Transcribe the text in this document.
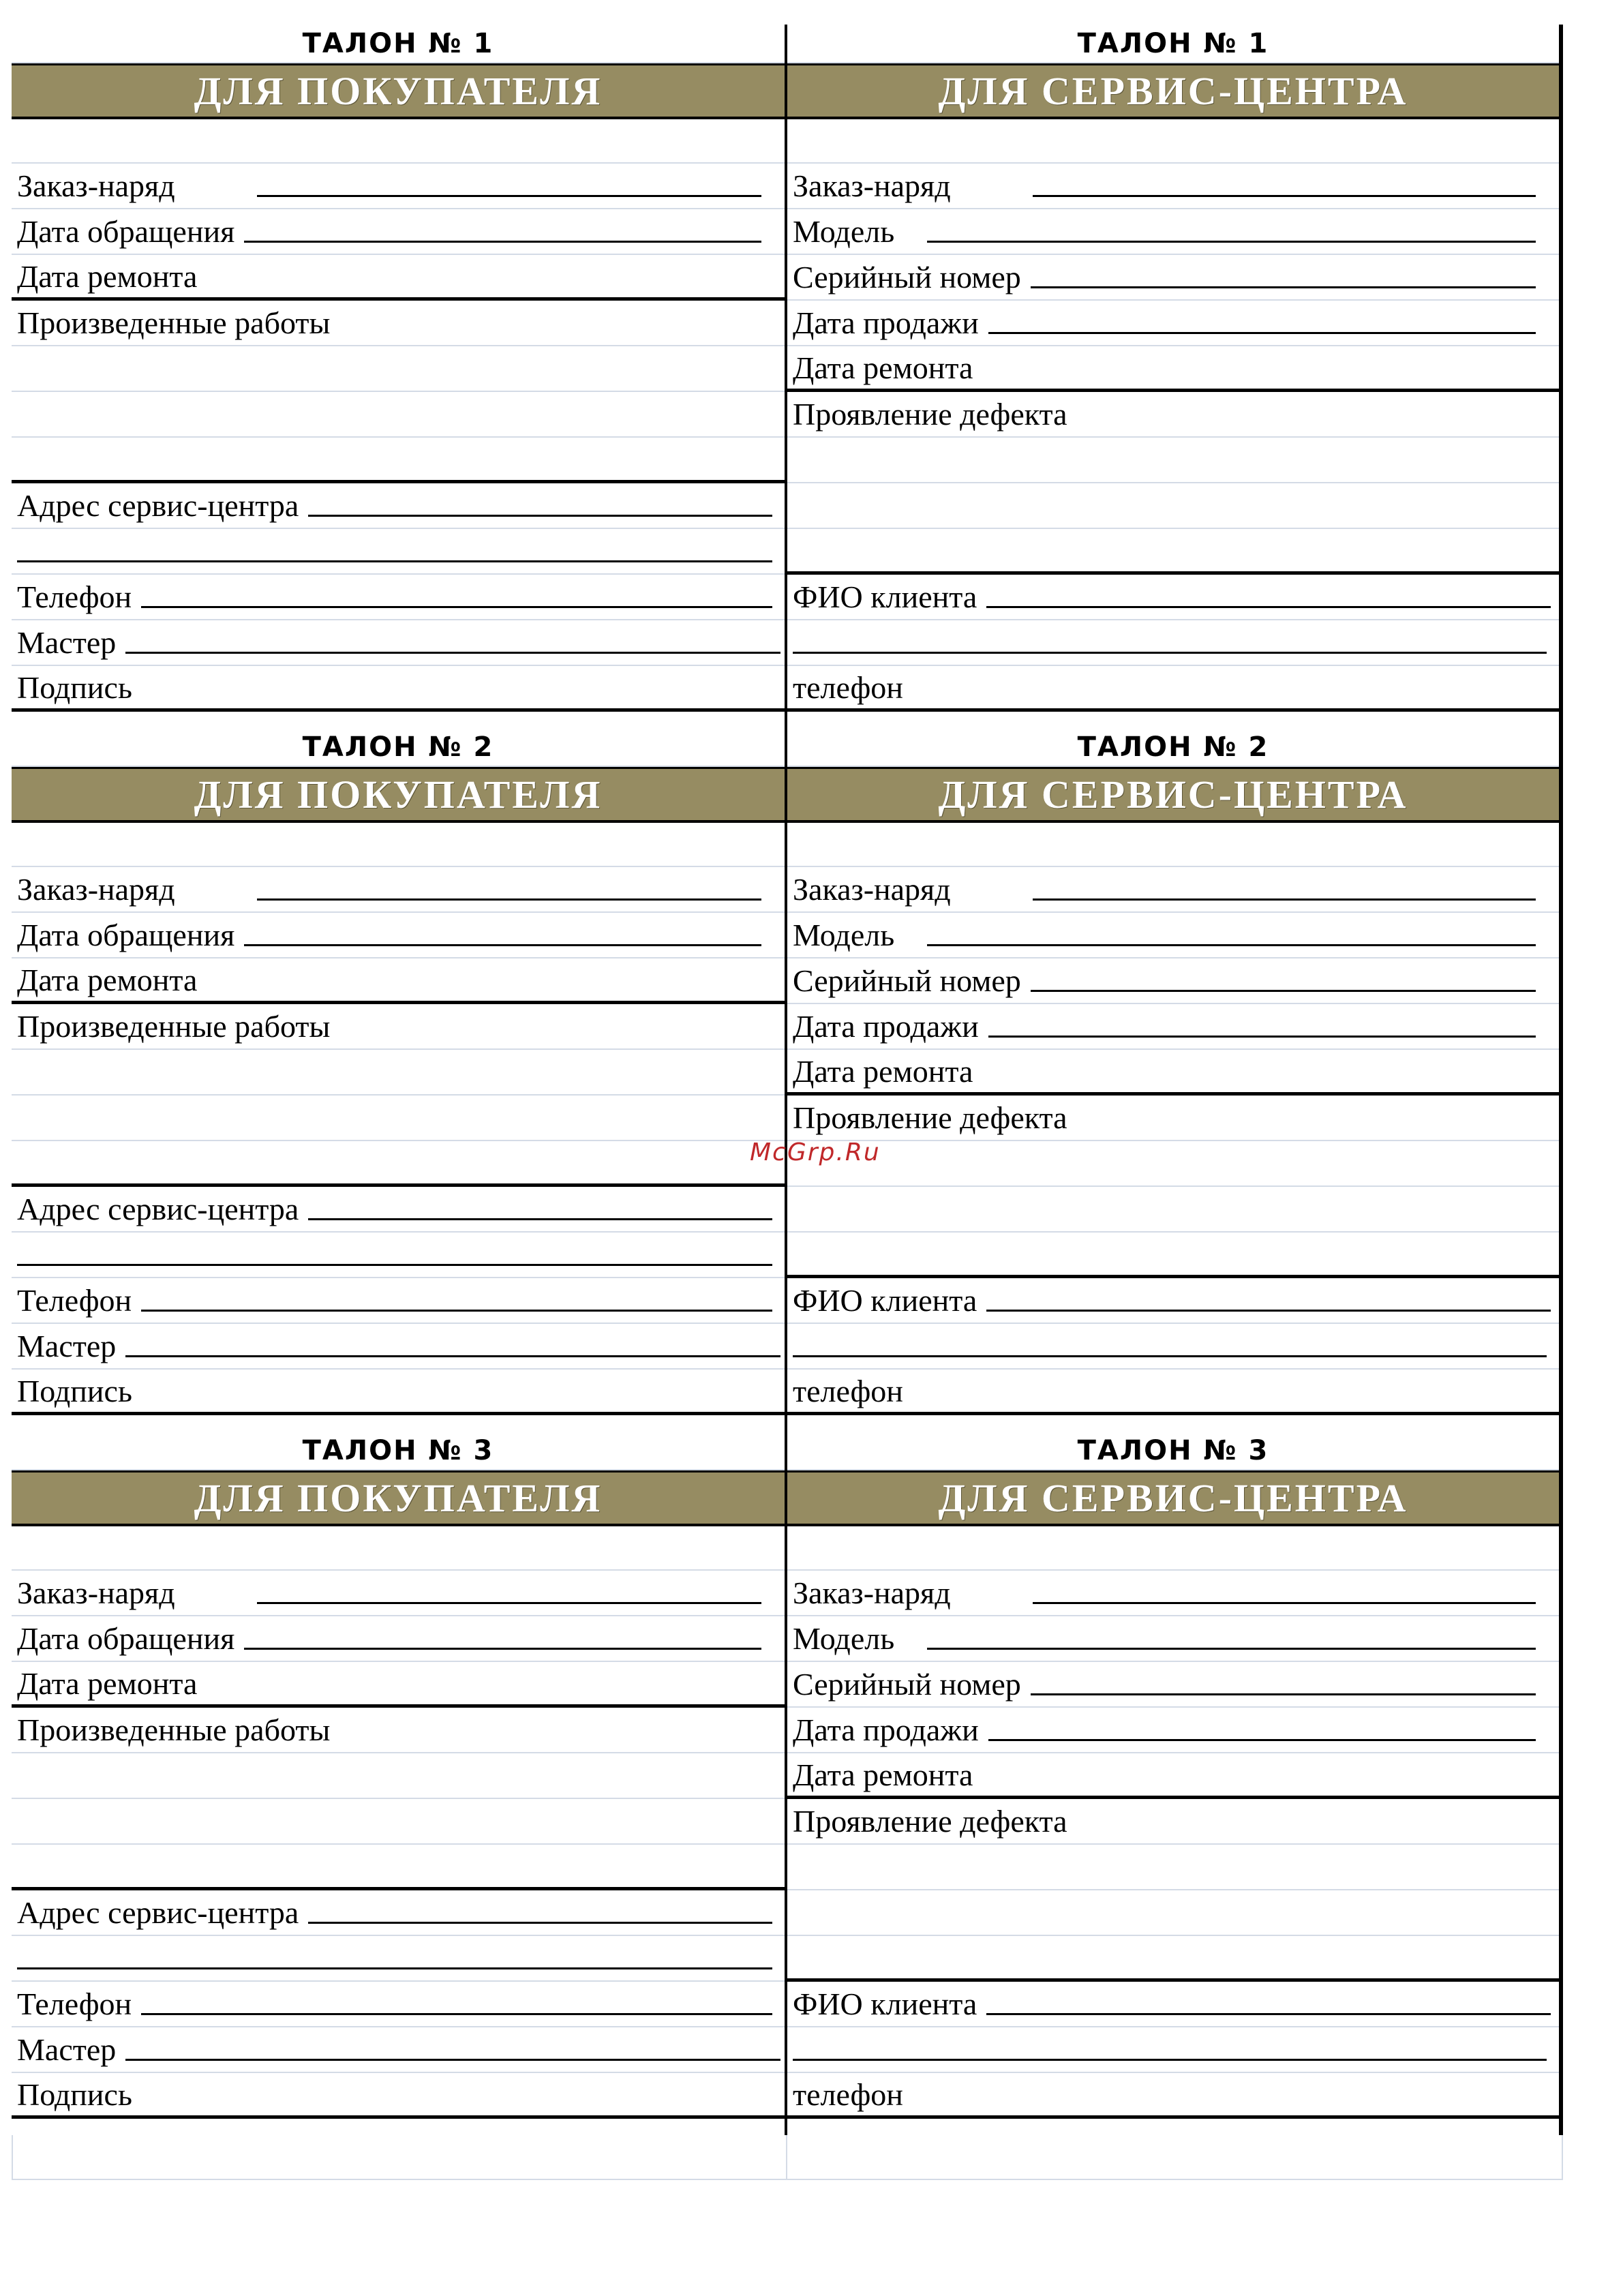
ТАЛОН № 1
ДЛЯ ПОКУПАТЕЛЯ
Заказ-наряд
Дата обращения
Дата ремонта
Произведенные работы
Адрес сервис-центра
Телефон
Мастер
Подпись
ТАЛОН № 1
ДЛЯ СЕРВИС-ЦЕНТРА
Заказ-наряд
Модель
Серийный номер
Дата продажи
Дата ремонта
Проявление дефекта
ФИО клиента
телефон
ТАЛОН № 2
ДЛЯ ПОКУПАТЕЛЯ
Заказ-наряд
Дата обращения
Дата ремонта
Произведенные работы
Адрес сервис-центра
Телефон
Мастер
Подпись
ТАЛОН № 2
ДЛЯ СЕРВИС-ЦЕНТРА
Заказ-наряд
Модель
Серийный номер
Дата продажи
Дата ремонта
Проявление дефекта
ФИО клиента
телефон
ТАЛОН № 3
ДЛЯ ПОКУПАТЕЛЯ
Заказ-наряд
Дата обращения
Дата ремонта
Произведенные работы
Адрес сервис-центра
Телефон
Мастер
Подпись
ТАЛОН № 3
ДЛЯ СЕРВИС-ЦЕНТРА
Заказ-наряд
Модель
Серийный номер
Дата продажи
Дата ремонта
Проявление дефекта
ФИО клиента
телефон
McGrp.Ru
